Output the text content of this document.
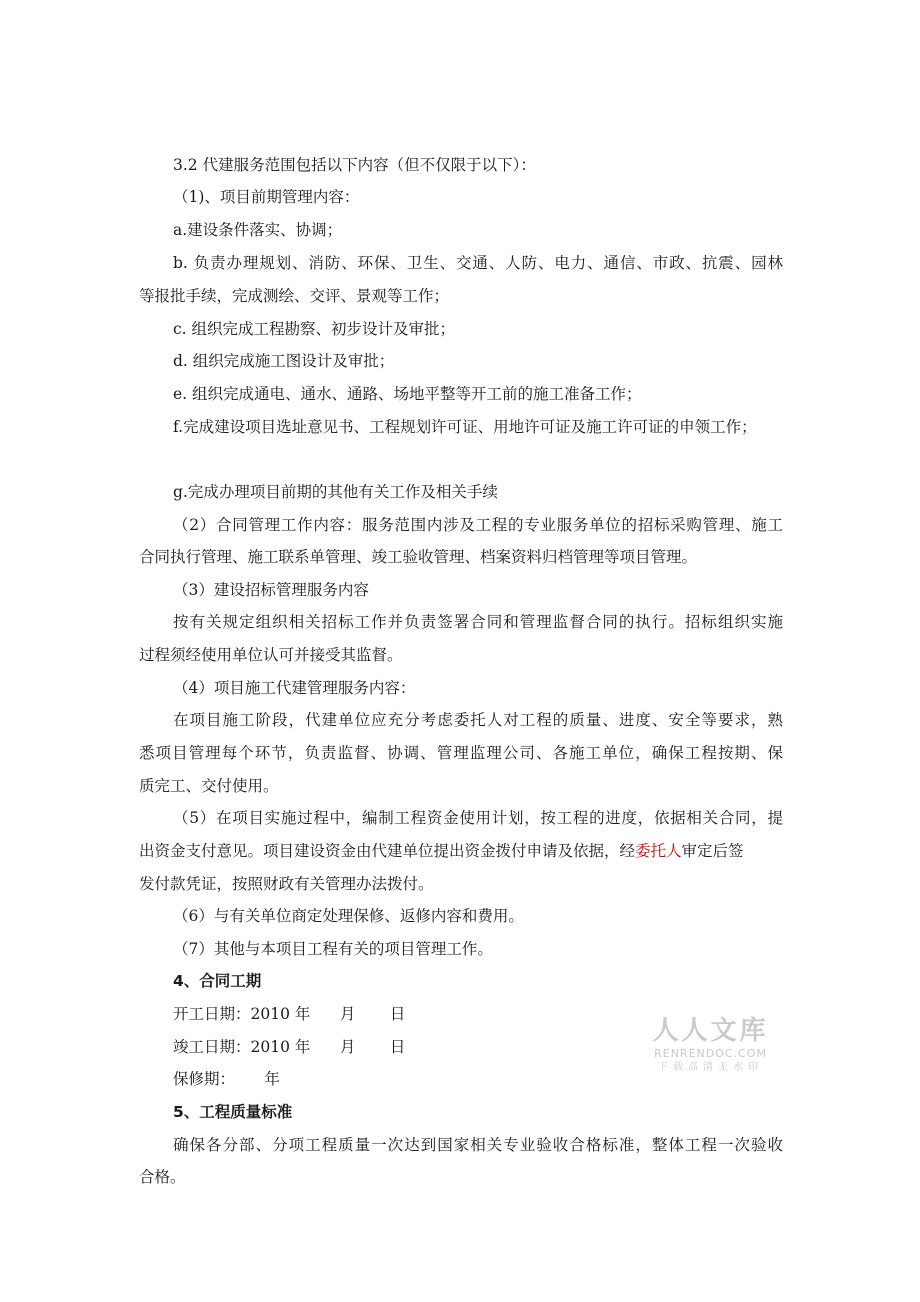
3.2 代建服务范围包括以下内容（但不仅限于以下）：
（1)、项目前期管理内容：
a.建设条件落实、协调；
b. 负责办理规划、消防、环保、卫生、交通、人防、电力、通信、市政、抗震、园林
等报批手续，完成测绘、交评、景观等工作；
c. 组织完成工程勘察、初步设计及审批；
d. 组织完成施工图设计及审批；
e. 组织完成通电、通水、通路、场地平整等开工前的施工准备工作；
f.完成建设项目选址意见书、工程规划许可证、用地许可证及施工许可证的申领工作；
g.完成办理项目前期的其他有关工作及相关手续
（2）合同管理工作内容：服务范围内涉及工程的专业服务单位的招标采购管理、施工
合同执行管理、施工联系单管理、竣工验收管理、档案资料归档管理等项目管理。
（3）建设招标管理服务内容
按有关规定组织相关招标工作并负责签署合同和管理监督合同的执行。招标组织实施
过程须经使用单位认可并接受其监督。
（4）项目施工代建管理服务内容：
在项目施工阶段，代建单位应充分考虑委托人对工程的质量、进度、安全等要求，熟
悉项目管理每个环节，负责监督、协调、管理监理公司、各施工单位，确保工程按期、保
质完工、交付使用。
（5）在项目实施过程中，编制工程资金使用计划，按工程的进度，依据相关合同，提
出资金支付意见。项目建设资金由代建单位提出资金拨付申请及依据，经委托人审定后签
发付款凭证，按照财政有关管理办法拨付。
（6）与有关单位商定处理保修、返修内容和费用。
（7）其他与本项目工程有关的项目管理工作。
4、合同工期
开工日期：2010 年      月       日
竣工日期：2010 年      月       日
保修期：      年
5、工程质量标准
确保各分部、分项工程质量一次达到国家相关专业验收合格标准，整体工程一次验收
合格。
人人文库
RENRENDOC.COM
下载高清无水印
